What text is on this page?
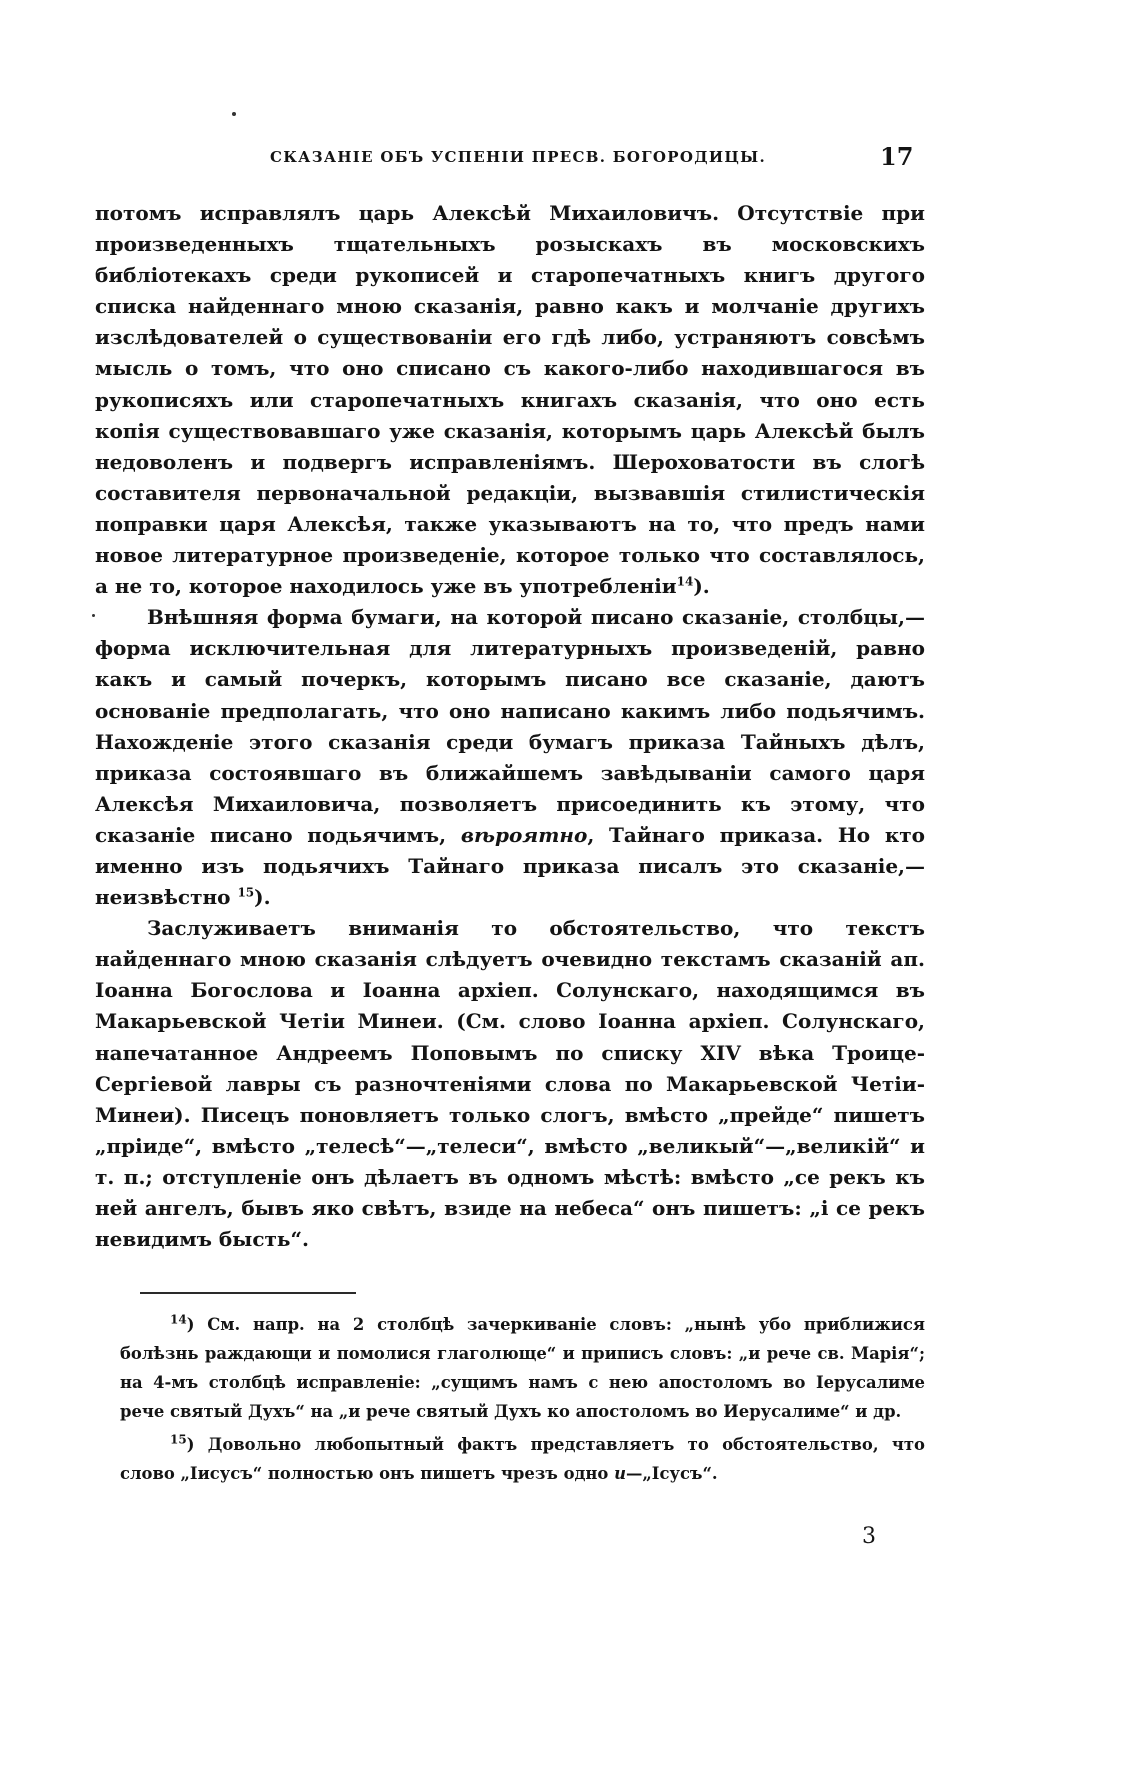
СКАЗАНІЕ ОБЪ УСПЕНІИ ПРЕСВ. БОГОРОДИЦЫ.	17

потомъ исправлялъ царь Алексѣй Михаиловичъ. Отсутствіе при произведенныхъ тщательныхъ розыскахъ въ московскихъ библіотекахъ среди рукописей и старопечатныхъ книгъ другого списка найденнаго мною сказанія, равно какъ и молчаніе другихъ изслѣдователей о существованіи его гдѣ либо, устраняютъ совсѣмъ мысль о томъ, что оно списано съ какого-либо находившагося въ рукописяхъ или старопечатныхъ книгахъ сказанія, что оно есть копія существовавшаго уже сказанія, которымъ царь Алексѣй былъ недоволенъ и подвергъ исправленіямъ. Шероховатости въ слогѣ составителя первоначальной редакціи, вызвавшія стилистическія поправки царя Алексѣя, также указываютъ на то, что предъ нами новое литературное произведеніе, которое только что составлялось, а не то, которое находилось уже въ употребленіи$^{14}$).

Внѣшняя форма бумаги, на которой писано сказаніе, столбцы,— форма исключительная для литературныхъ произведеній, равно какъ и самый почеркъ, которымъ писано все сказаніе, даютъ основаніе предполагать, что оно написано какимъ либо подьячимъ. Нахожденіе этого сказанія среди бумагъ приказа Тайныхъ дѣлъ, приказа состоявшаго въ ближайшемъ завѣдываніи самого царя Алексѣя Михаиловича, позволяетъ присоединить къ этому, что сказаніе писано подьячимъ, вѣроятно, Тайнаго приказа. Но кто именно изъ подьячихъ Тайнаго приказа писалъ это сказаніе,—неизвѣстно $^{15}$).

Заслуживаетъ вниманія то обстоятельство, что текстъ найденнаго мною сказанія слѣдуетъ очевидно текстамъ сказаній ап. Іоанна Богослова и Іоанна архіеп. Солунскаго, находящимся въ Макарьевской Четіи Минеи. (См. слово Іоанна архіеп. Солунскаго, напечатанное Андреемъ Поповымъ по списку XIV вѣка Троице-Сергіевой лавры съ разночтеніями слова по Макарьевской Четіи-Минеи). Писецъ поновляетъ только слогъ, вмѣсто „прейде“ пишетъ „пріиде“, вмѣсто „телесѣ“—„телеси“, вмѣсто „великый“—„великій“ и т. п.; отступленіе онъ дѣлаетъ въ одномъ мѣстѣ: вмѣсто „се рекъ къ ней ангелъ, бывъ яко свѣтъ, взиде на небеса“ онъ пишетъ: „і се рекъ невидимъ бысть“.

$^{14}$) См. напр. на 2 столбцѣ зачеркиваніе словъ: „нынѣ убо приближися болѣзнь раждающи и помолися глаголюще“ и приписъ словъ: „и рече св. Марія“; на 4-мъ столбцѣ исправленіе: „сущимъ намъ с нею апостоломъ во Іерусалиме рече святый Духъ“ на „и рече святый Духъ ко апостоломъ во Иерусалиме“ и др.

$^{15}$) Довольно любопытный фактъ представляетъ то обстоятельство, что слово „Іисусъ“ полностью онъ пишетъ чрезъ одно и—„Ісусъ“.

3
